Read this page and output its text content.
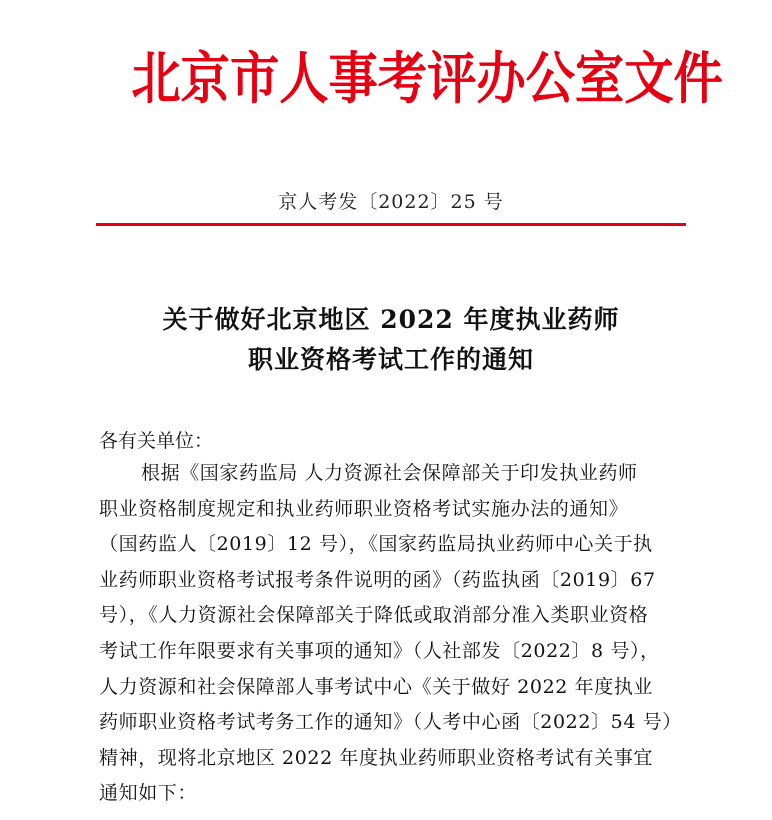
北京市人事考评办公室文件
京人考发〔2022〕25 号
关于做好北京地区 2022 年度执业药师
职业资格考试工作的通知
各有关单位：
根据《国家药监局 人力资源社会保障部关于印发执业药师
职业资格制度规定和执业药师职业资格考试实施办法的通知》
（国药监人〔2019〕12 号），《国家药监局执业药师中心关于执
业药师职业资格考试报考条件说明的函》（药监执函〔2019〕67
号），《人力资源社会保障部关于降低或取消部分准入类职业资格
考试工作年限要求有关事项的通知》（人社部发〔2022〕8 号），
人力资源和社会保障部人事考试中心《关于做好 2022 年度执业
药师职业资格考试考务工作的通知》（人考中心函〔2022〕54 号）
精神，现将北京地区 2022 年度执业药师职业资格考试有关事宜
通知如下：
